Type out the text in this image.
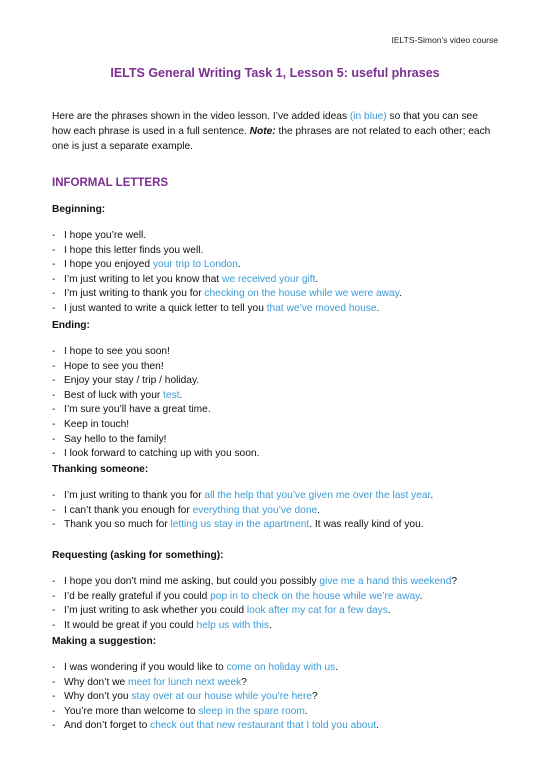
IELTS-Simon’s video course
IELTS General Writing Task 1, Lesson 5: useful phrases

Here are the phrases shown in the video lesson. I’ve added ideas (in blue) so that you can see how each phrase is used in a full sentence. Note: the phrases are not related to each other; each one is just a separate example.

INFORMAL LETTERS

Beginning:

- I hope you’re well.
- I hope this letter finds you well.
- I hope you enjoyed your trip to London.
- I’m just writing to let you know that we received your gift.
- I’m just writing to thank you for checking on the house while we were away.
- I just wanted to write a quick letter to tell you that we’ve moved house.

Ending:

- I hope to see you soon!
- Hope to see you then!
- Enjoy your stay / trip / holiday.
- Best of luck with your test.
- I’m sure you’ll have a great time.
- Keep in touch!
- Say hello to the family!
- I look forward to catching up with you soon.

Thanking someone:

- I’m just writing to thank you for all the help that you’ve given me over the last year.
- I can’t thank you enough for everything that you’ve done.
- Thank you so much for letting us stay in the apartment. It was really kind of you.

Requesting (asking for something):

- I hope you don’t mind me asking, but could you possibly give me a hand this weekend?
- I’d be really grateful if you could pop in to check on the house while we’re away.
- I’m just writing to ask whether you could look after my cat for a few days.
- It would be great if you could help us with this.

Making a suggestion:

- I was wondering if you would like to come on holiday with us.
- Why don’t we meet for lunch next week?
- Why don’t you stay over at our house while you’re here?
- You’re more than welcome to sleep in the spare room.
- And don’t forget to check out that new restaurant that I told you about.
